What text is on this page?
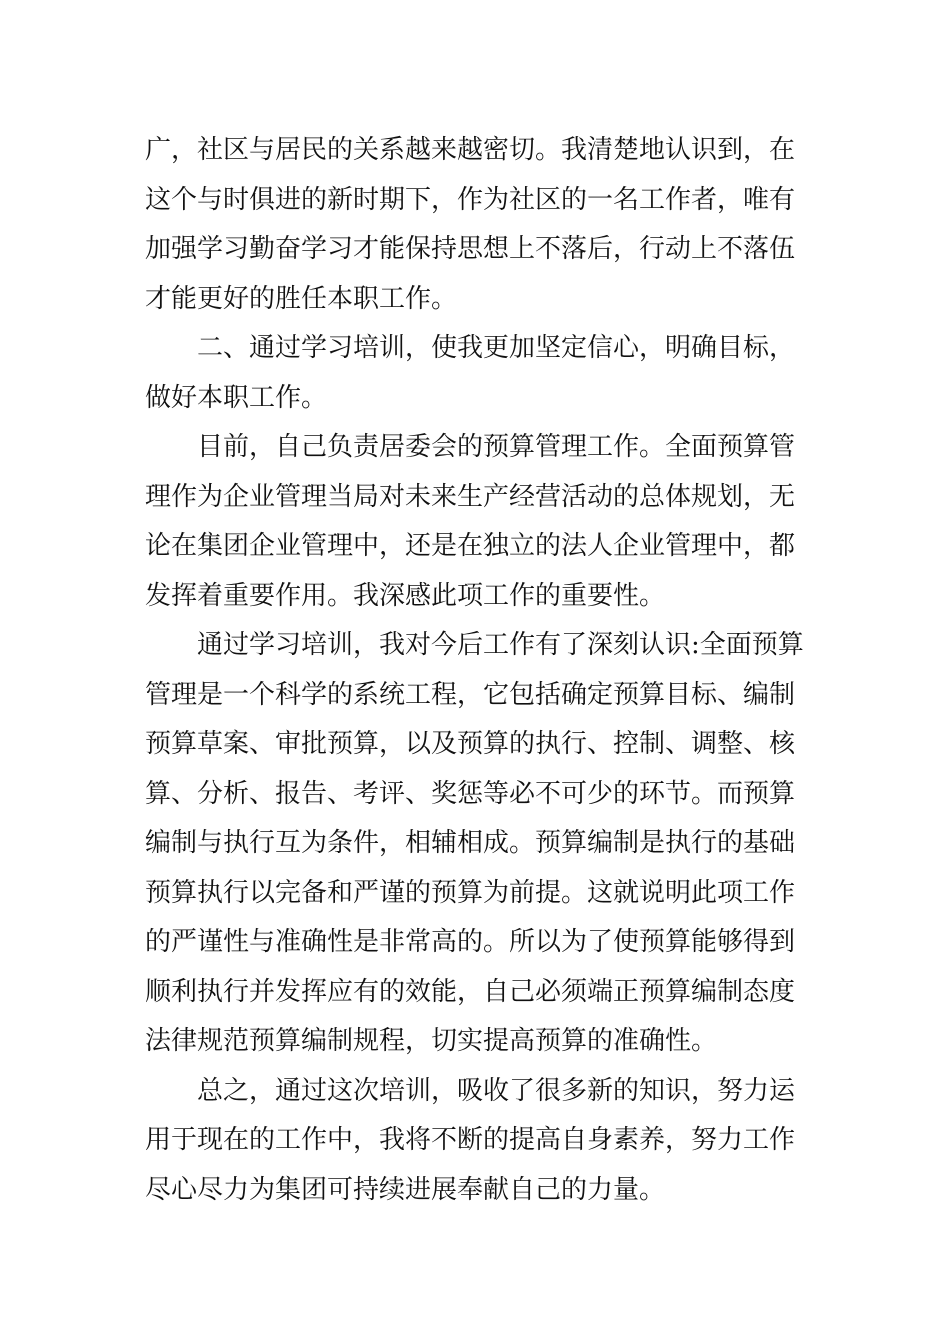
广，社区与居民的关系越来越密切。我清楚地认识到，在
这个与时俱进的新时期下，作为社区的一名工作者，唯有
加强学习勤奋学习才能保持思想上不落后，行动上不落伍
才能更好的胜任本职工作。
二、通过学习培训，使我更加坚定信心，明确目标，
做好本职工作。
目前，自己负责居委会的预算管理工作。全面预算管
理作为企业管理当局对未来生产经营活动的总体规划，无
论在集团企业管理中，还是在独立的法人企业管理中，都
发挥着重要作用。我深感此项工作的重要性。
通过学习培训，我对今后工作有了深刻认识:全面预算
管理是一个科学的系统工程，它包括确定预算目标、编制
预算草案、审批预算，以及预算的执行、控制、调整、核
算、分析、报告、考评、奖惩等必不可少的环节。而预算
编制与执行互为条件，相辅相成。预算编制是执行的基础
预算执行以完备和严谨的预算为前提。这就说明此项工作
的严谨性与准确性是非常高的。所以为了使预算能够得到
顺利执行并发挥应有的效能，自己必须端正预算编制态度
法律规范预算编制规程，切实提高预算的准确性。
总之，通过这次培训，吸收了很多新的知识，努力运
用于现在的工作中，我将不断的提高自身素养，努力工作
尽心尽力为集团可持续进展奉献自己的力量。
